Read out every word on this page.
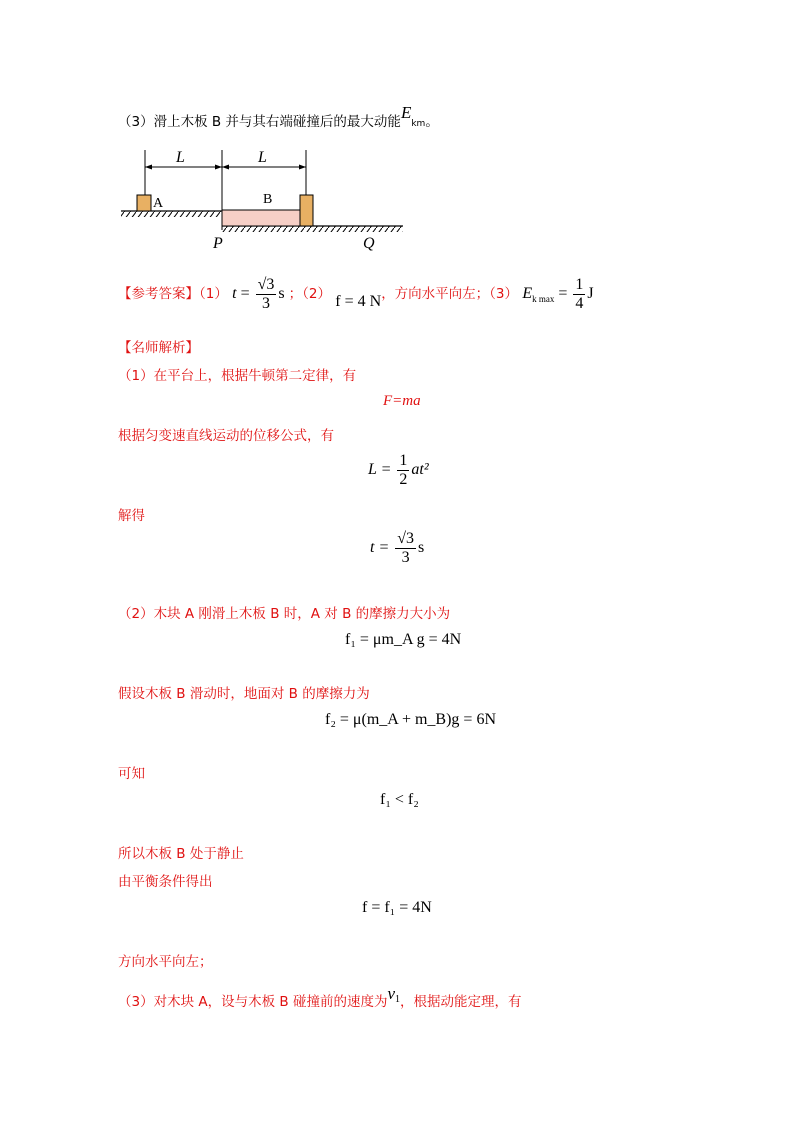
（3）滑上木板 B 并与其右端碰撞后的最大动能Ekm。
L	L
A	B
P	Q
【参考答案】（1） $t = \frac{√3}{3}$ s ；（2） f = 4 N，方向水平向左；（3） $E_{k max} = \frac{1}{4}$ J
【名师解析】
（1）在平台上，根据牛顿第二定律，有
F=ma
根据匀变速直线运动的位移公式，有
$L = \frac{1}{2} at^2$
解得
$t = \frac{√3}{3}$ s
（2）木块 A 刚滑上木板 B 时，A 对 B 的摩擦力大小为
f₁ = μm_A g = 4N
假设木板 B 滑动时，地面对 B 的摩擦力为
f₂ = μ(m_A + m_B)g = 6N
可知
f₁ < f₂
所以木板 B 处于静止
由平衡条件得出
f = f₁ = 4N
方向水平向左；
（3）对木块 A，设与木板 B 碰撞前的速度为$v^1$，根据动能定理，有
